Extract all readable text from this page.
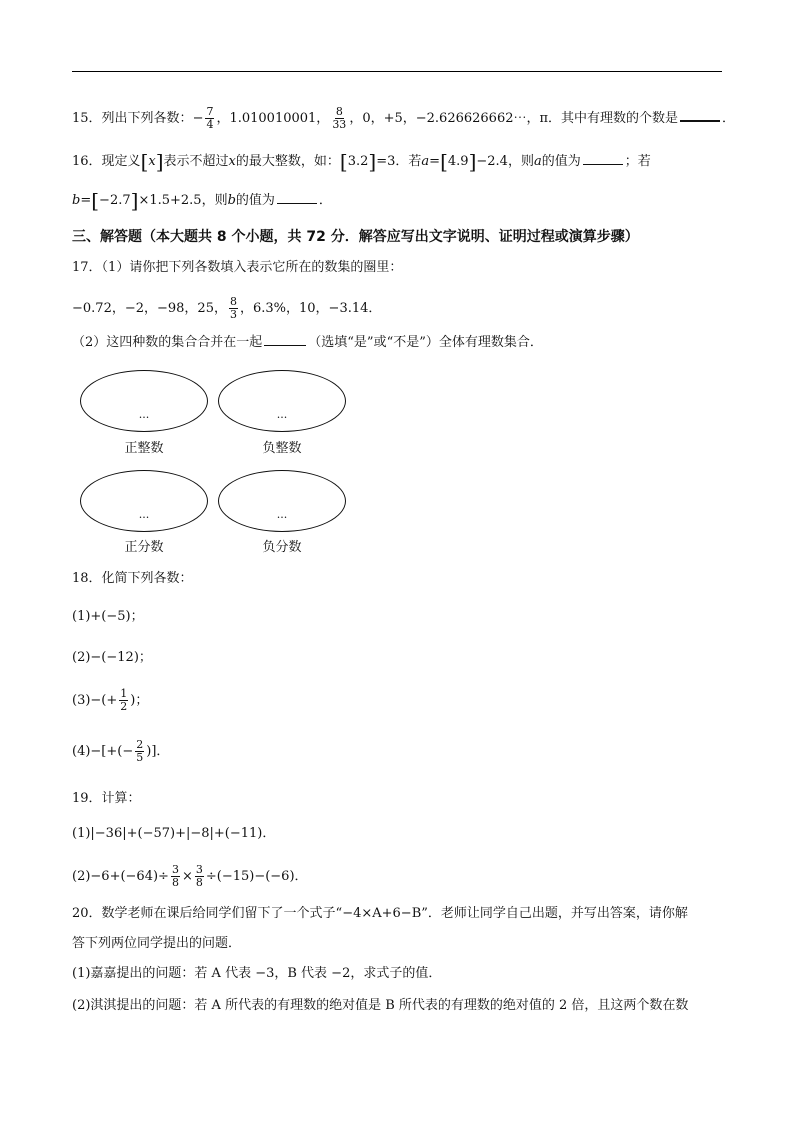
15．列出下列各数：− $\frac{7}{4}$ ，1.010010001， $\frac{8}{33}$ ，0，+5，−2.626626662⋯，π．其中有理数的个数是	．
16．现定义[x]表示不超过x的最大整数，如：[3.2]=3．若a=[4.9]−2.4，则a的值为	；若
b=[−2.7]×1.5+2.5，则b的值为	．
三、解答题（本大题共 8 个小题，共 72 分．解答应写出文字说明、证明过程或演算步骤）
17．（1）请你把下列各数填入表示它所在的数集的圈里：
−0.72，−2，−98，25， $\frac{8}{3}$ ，6.3%，10，−3.14．
（2）这四种数的集合合并在一起	（选填“是”或“不是”）全体有理数集合．
...
正整数
...
负整数
...
正分数
...
负分数
18．化简下列各数：
(1)+(−5)；
(2)−(−12)；
$(3)-(+ \frac{1}{2}$ )；
$(4)-[+(- \frac{2}{5}$ )]．
19．计算：
(1)|−36|+(−57)+|−8|+(−11)．
$(2)-6+(-64)\div \frac{3}{8} \times \frac{3}{8} \div(-15)-(-6)$．
20．数学老师在课后给同学们留下了一个式子“−4×A+6−B”．老师让同学自己出题，并写出答案，请你解
答下列两位同学提出的问题．
(1)嘉嘉提出的问题：若 A 代表 −3，B 代表 −2，求式子的值．
(2)淇淇提出的问题：若 A 所代表的有理数的绝对值是 B 所代表的有理数的绝对值的 2 倍，且这两个数在数
